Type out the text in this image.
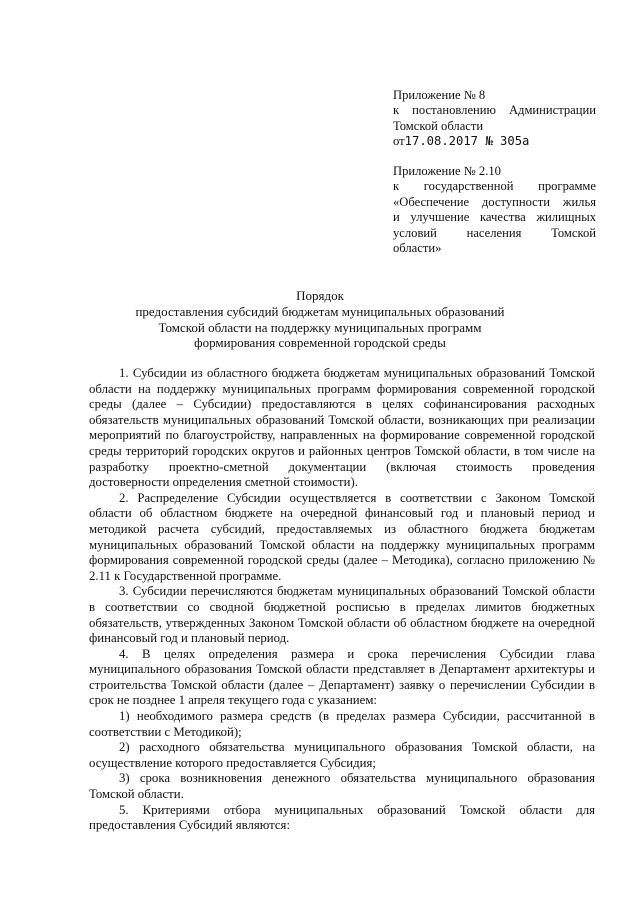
Приложение № 8
к постановлению Администрации
Томской области
от17.08.2017 № 305а
Приложение № 2.10
к государственной программе
«Обеспечение доступности жилья
и улучшение качества жилищных
условий населения Томской
области»
Порядок
предоставления субсидий бюджетам муниципальных образований
Томской области на поддержку муниципальных программ
формирования современной городской среды

1. Субсидии из областного бюджета бюджетам муниципальных образований Томской области на поддержку муниципальных программ формирования современной городской среды (далее – Субсидии) предоставляются в целях софинансирования расходных обязательств муниципальных образований Томской области, возникающих при реализации мероприятий по благоустройству, направленных на формирование современной городской среды территорий городских округов и районных центров Томской области, в том числе на разработку проектно-сметной документации (включая стоимость проведения достоверности определения сметной стоимости).

2. Распределение Субсидии осуществляется в соответствии с Законом Томской области об областном бюджете на очередной финансовый год и плановый период и методикой расчета субсидий, предоставляемых из областного бюджета бюджетам муниципальных образований Томской области на поддержку муниципальных программ формирования современной городской среды (далее – Методика), согласно приложению № 2.11 к Государственной программе.

3. Субсидии перечисляются бюджетам муниципальных образований Томской области в соответствии со сводной бюджетной росписью в пределах лимитов бюджетных обязательств, утвержденных Законом Томской области об областном бюджете на очередной финансовый год и плановый период.

4. В целях определения размера и срока перечисления Субсидии глава муниципального образования Томской области представляет в Департамент архитектуры и строительства Томской области (далее – Департамент) заявку о перечислении Субсидии в срок не позднее 1 апреля текущего года с указанием:

1) необходимого размера средств (в пределах размера Субсидии, рассчитанной в соответствии с Методикой);

2) расходного обязательства муниципального образования Томской области, на осуществление которого предоставляется Субсидия;

3) срока возникновения денежного обязательства муниципального образования Томской области.

5. Критериями отбора муниципальных образований Томской области для предоставления Субсидий являются:
